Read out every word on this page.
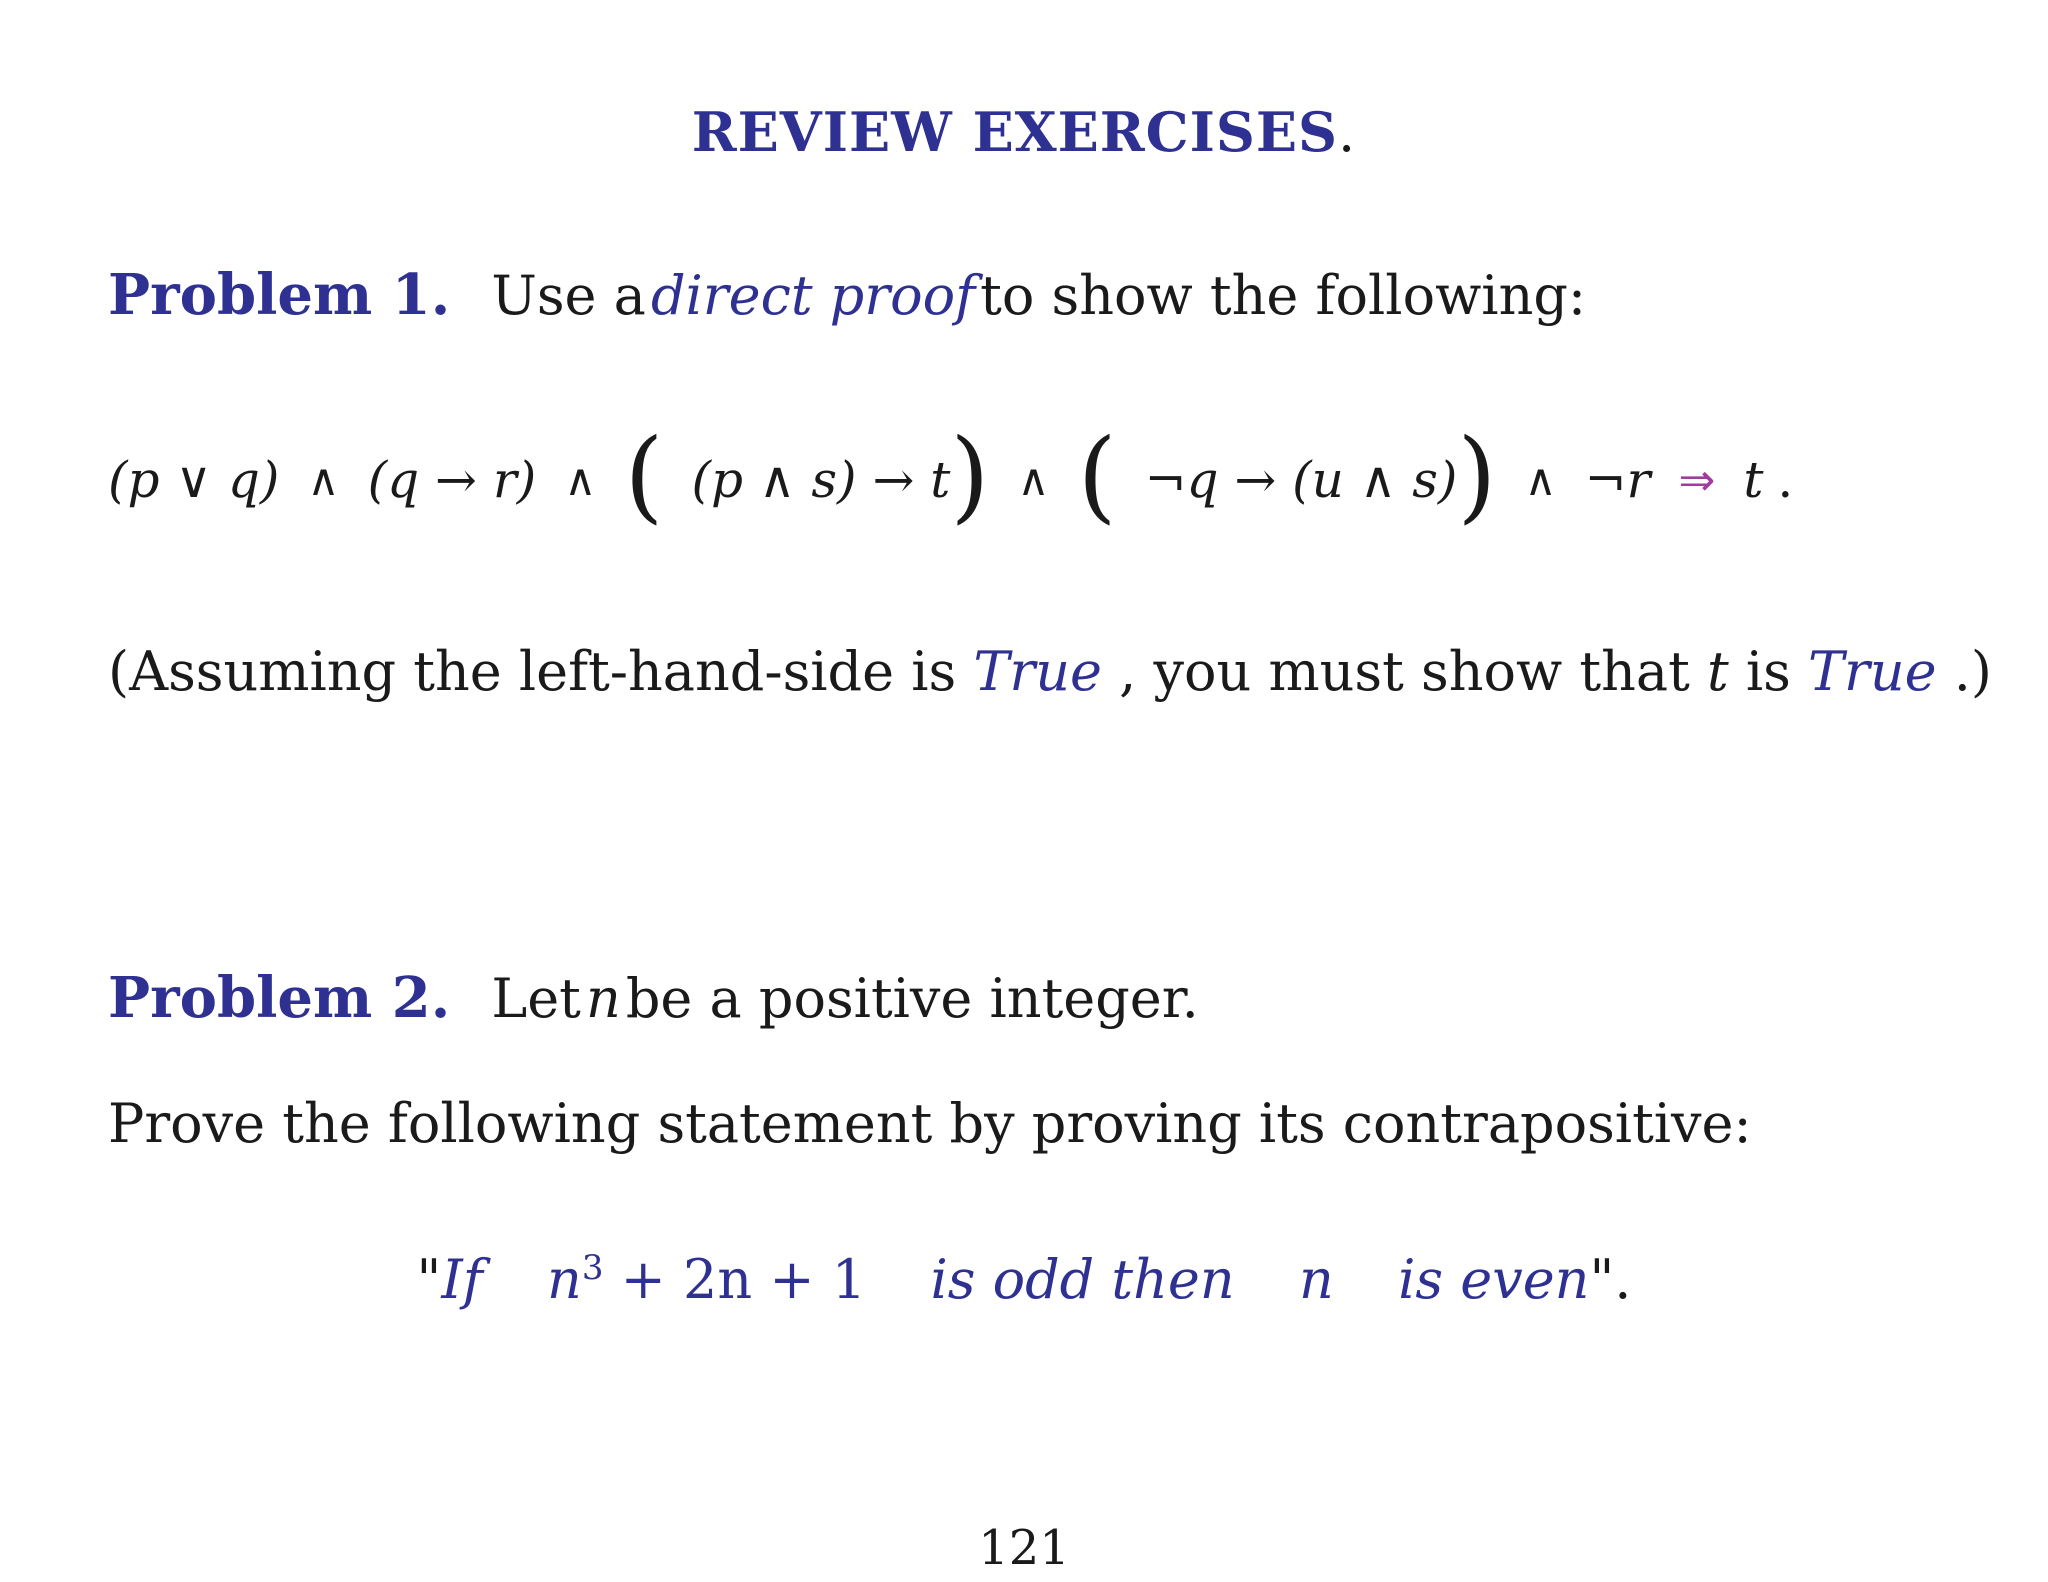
REVIEW EXERCISES.
Problem 1. Use a direct proof to show the following:
(p ∨ q) ∧ (q → r) ∧ ( (p ∧ s) → t ) ∧ ( ¬q → (u ∧ s) ) ∧ ¬r ⇒ t .
(Assuming the left-hand-side is True , you must show that t is True .)
Problem 2. Let n be a positive integer.
Prove the following statement by proving its contrapositive:
"If $n^3 + 2n + 1$ is odd then n is even".
121
